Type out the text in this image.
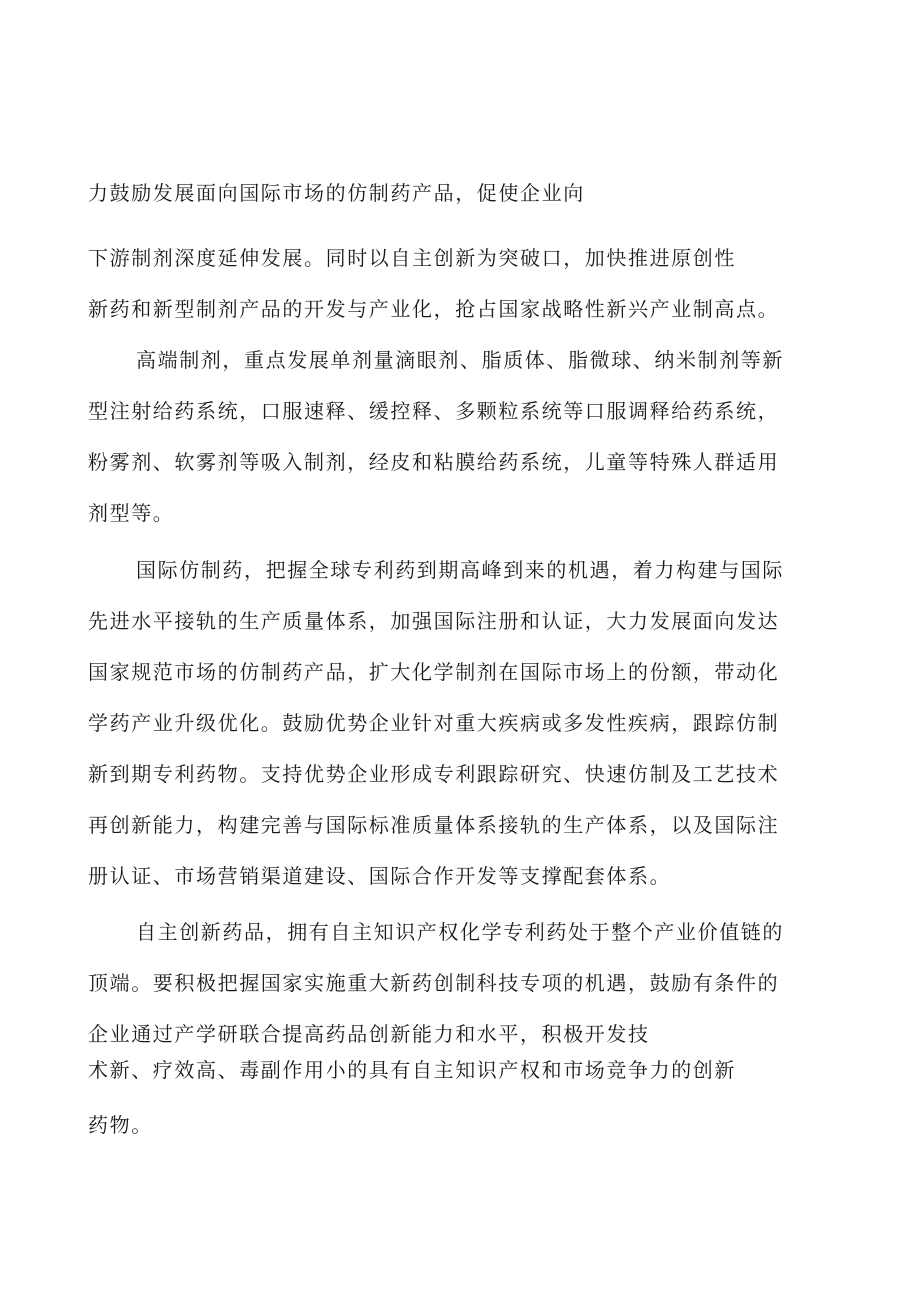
力鼓励发展面向国际市场的仿制药产品，促使企业向
下游制剂深度延伸发展。同时以自主创新为突破口，加快推进原创性
新药和新型制剂产品的开发与产业化，抢占国家战略性新兴产业制高点。
高端制剂，重点发展单剂量滴眼剂、脂质体、脂微球、纳米制剂等新
型注射给药系统，口服速释、缓控释、多颗粒系统等口服调释给药系统，
粉雾剂、软雾剂等吸入制剂，经皮和粘膜给药系统，儿童等特殊人群适用
剂型等。
国际仿制药，把握全球专利药到期高峰到来的机遇，着力构建与国际
先进水平接轨的生产质量体系，加强国际注册和认证，大力发展面向发达
国家规范市场的仿制药产品，扩大化学制剂在国际市场上的份额，带动化
学药产业升级优化。鼓励优势企业针对重大疾病或多发性疾病，跟踪仿制
新到期专利药物。支持优势企业形成专利跟踪研究、快速仿制及工艺技术
再创新能力，构建完善与国际标准质量体系接轨的生产体系，以及国际注
册认证、市场营销渠道建设、国际合作开发等支撑配套体系。
自主创新药品，拥有自主知识产权化学专利药处于整个产业价值链的
顶端。要积极把握国家实施重大新药创制科技专项的机遇，鼓励有条件的
企业通过产学研联合提高药品创新能力和水平，积极开发技
术新、疗效高、毒副作用小的具有自主知识产权和市场竞争力的创新
药物。
